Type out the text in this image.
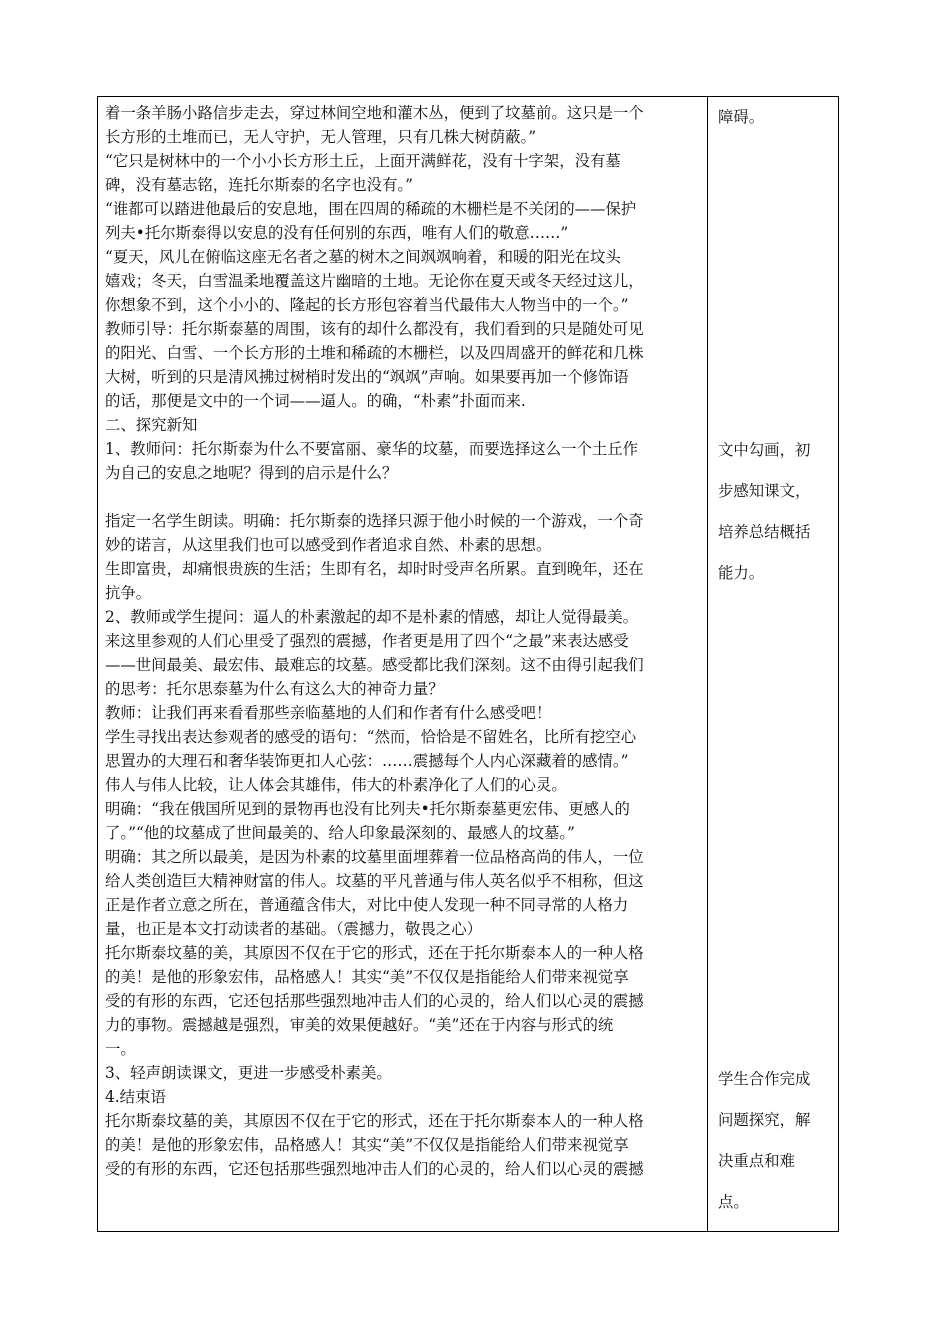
着一条羊肠小路信步走去，穿过林间空地和灌木丛，便到了坟墓前。这只是一个
长方形的土堆而已，无人守护，无人管理，只有几株大树荫蔽。”
“它只是树林中的一个小小长方形土丘，上面开满鲜花，没有十字架，没有墓
碑，没有墓志铭，连托尔斯泰的名字也没有。”
“谁都可以踏进他最后的安息地，围在四周的稀疏的木栅栏是不关闭的——保护
列夫•托尔斯泰得以安息的没有任何别的东西，唯有人们的敬意……”
“夏天，风儿在俯临这座无名者之墓的树木之间飒飒响着，和暖的阳光在坟头
嬉戏；冬天，白雪温柔地覆盖这片幽暗的土地。无论你在夏天或冬天经过这儿，
你想象不到，这个小小的、隆起的长方形包容着当代最伟大人物当中的一个。”
教师引导：托尔斯泰墓的周围，该有的却什么都没有，我们看到的只是随处可见
的阳光、白雪、一个长方形的土堆和稀疏的木栅栏，以及四周盛开的鲜花和几株
大树，听到的只是清风拂过树梢时发出的“飒飒”声响。如果要再加一个修饰语
的话，那便是文中的一个词——逼人。的确，“朴素”扑面而来.
二、探究新知
1、教师问：托尔斯泰为什么不要富丽、豪华的坟墓，而要选择这么一个土丘作
为自己的安息之地呢？得到的启示是什么？
指定一名学生朗读。明确：托尔斯泰的选择只源于他小时候的一个游戏，一个奇
妙的诺言，从这里我们也可以感受到作者追求自然、朴素的思想。
生即富贵，却痛恨贵族的生活；生即有名，却时时受声名所累。直到晚年，还在
抗争。
2、教师或学生提问：逼人的朴素激起的却不是朴素的情感，却让人觉得最美。
来这里参观的人们心里受了强烈的震撼，作者更是用了四个“之最”来表达感受
——世间最美、最宏伟、最难忘的坟墓。感受都比我们深刻。这不由得引起我们
的思考：托尔思泰墓为什么有这么大的神奇力量？
教师：让我们再来看看那些亲临墓地的人们和作者有什么感受吧！
学生寻找出表达参观者的感受的语句：“然而，恰恰是不留姓名，比所有挖空心
思置办的大理石和奢华装饰更扣人心弦：……震撼每个人内心深藏着的感情。”
伟人与伟人比较，让人体会其雄伟，伟大的朴素净化了人们的心灵。
明确：“我在俄国所见到的景物再也没有比列夫•托尔斯泰墓更宏伟、更感人的
了。”“他的坟墓成了世间最美的、给人印象最深刻的、最感人的坟墓。”
明确：其之所以最美，是因为朴素的坟墓里面埋葬着一位品格高尚的伟人，一位
给人类创造巨大精神财富的伟人。坟墓的平凡普通与伟人英名似乎不相称，但这
正是作者立意之所在，普通蕴含伟大，对比中使人发现一种不同寻常的人格力
量，也正是本文打动读者的基础。（震撼力，敬畏之心）
托尔斯泰坟墓的美，其原因不仅在于它的形式，还在于托尔斯泰本人的一种人格
的美！是他的形象宏伟，品格感人！其实“美”不仅仅是指能给人们带来视觉享
受的有形的东西，它还包括那些强烈地冲击人们的心灵的，给人们以心灵的震撼
力的事物。震撼越是强烈，审美的效果便越好。“美”还在于内容与形式的统
一。
3、轻声朗读课文，更进一步感受朴素美。
4.结束语
托尔斯泰坟墓的美，其原因不仅在于它的形式，还在于托尔斯泰本人的一种人格
的美！是他的形象宏伟，品格感人！其实“美”不仅仅是指能给人们带来视觉享
受的有形的东西，它还包括那些强烈地冲击人们的心灵的，给人们以心灵的震撼
障碍。
文中勾画，初
步感知课文，
培养总结概括
能力。
学生合作完成
问题探究，解
决重点和难
点。
